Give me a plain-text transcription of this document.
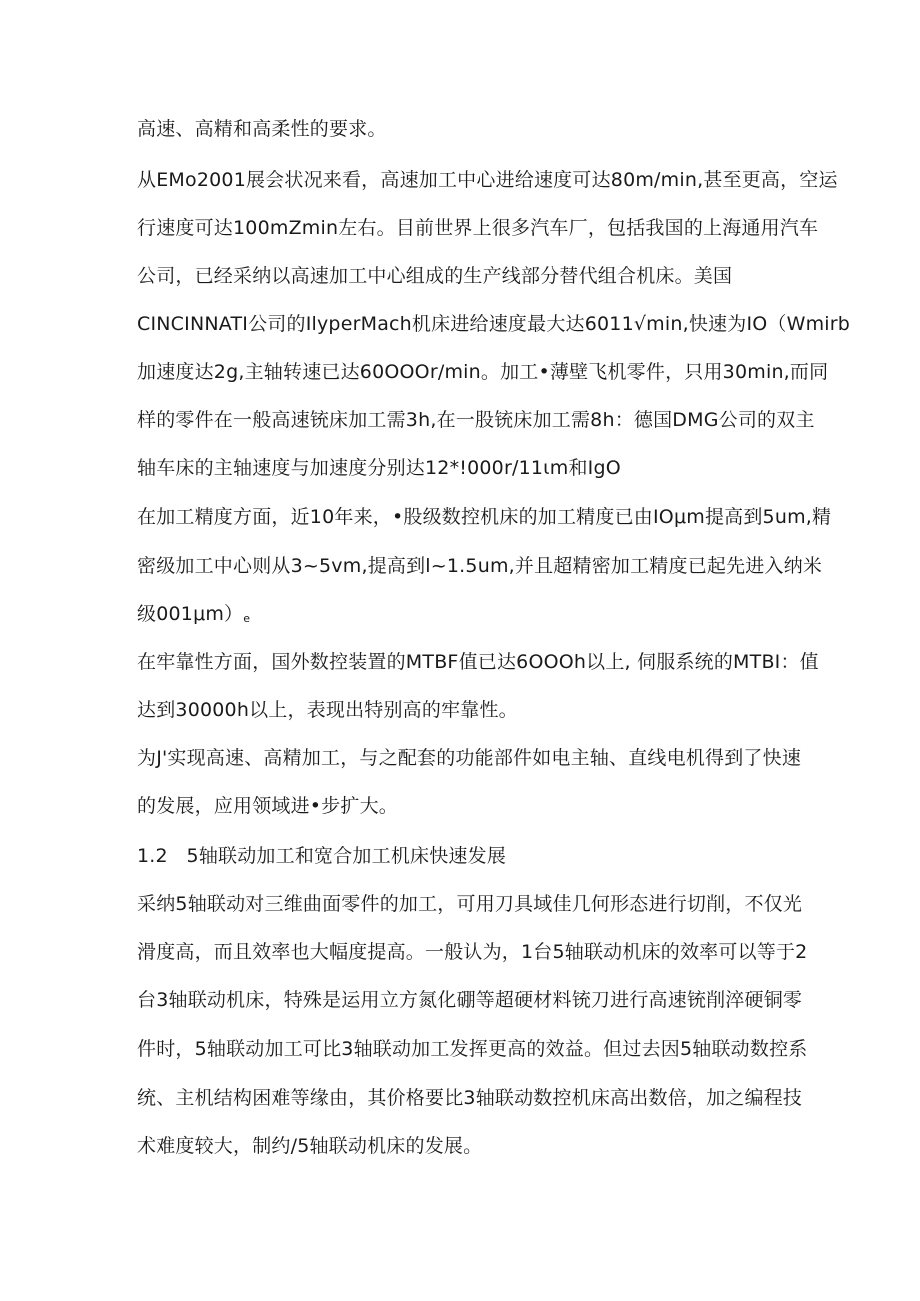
高速、高精和高柔性的要求。
从EMo2001展会状况来看，高速加工中心进给速度可达80m∕min,甚至更高，空运
行速度可达100mZmin左右。目前世界上很多汽车厂，包括我国的上海通用汽车
公司，已经采纳以高速加工中心组成的生产线部分替代组合机床。美国
CINCINNATI公司的IlyperMach机床进给速度最大达6011√min,快速为IO（Wmirb
加速度达2g,主轴转速已达60OOOr/min。加工•薄壁飞机零件，只用30min,而同
样的零件在一般高速铳床加工需3h,在一股铳床加工需8h：德国DMG公司的双主
轴车床的主轴速度与加速度分别达12*!000r∕11ιm和IgO
在加工精度方面，近10年来，•股级数控机床的加工精度已由IOμm提高到5um,精
密级加工中心则从3~5vm,提高到l~1.5um,并且超精密加工精度已起先进入纳米
级001μm）e
在牢靠性方面，国外数控装置的MTBF值已达6OOOh以上, 伺服系统的MTBI：值
达到30000h以上，表现出特别高的牢靠性。
为J'实现高速、高精加工，与之配套的功能部件如电主轴、直线电机得到了快速
的发展，应用领域进•步扩大。
1.2   5轴联动加工和宽合加工机床快速发展
采纳5轴联动对三维曲面零件的加工，可用刀具域佳几何形态进行切削，不仅光
滑度高，而且效率也大幅度提高。一般认为，1台5轴联动机床的效率可以等于2
台3轴联动机床，特殊是运用立方氮化硼等超硬材料铳刀进行高速铳削淬硬铜零
件时，5轴联动加工可比3轴联动加工发挥更高的效益。但过去因5轴联动数控系
统、主机结构困难等缘由，其价格要比3轴联动数控机床高出数倍，加之编程技
术难度较大，制约/5轴联动机床的发展。
